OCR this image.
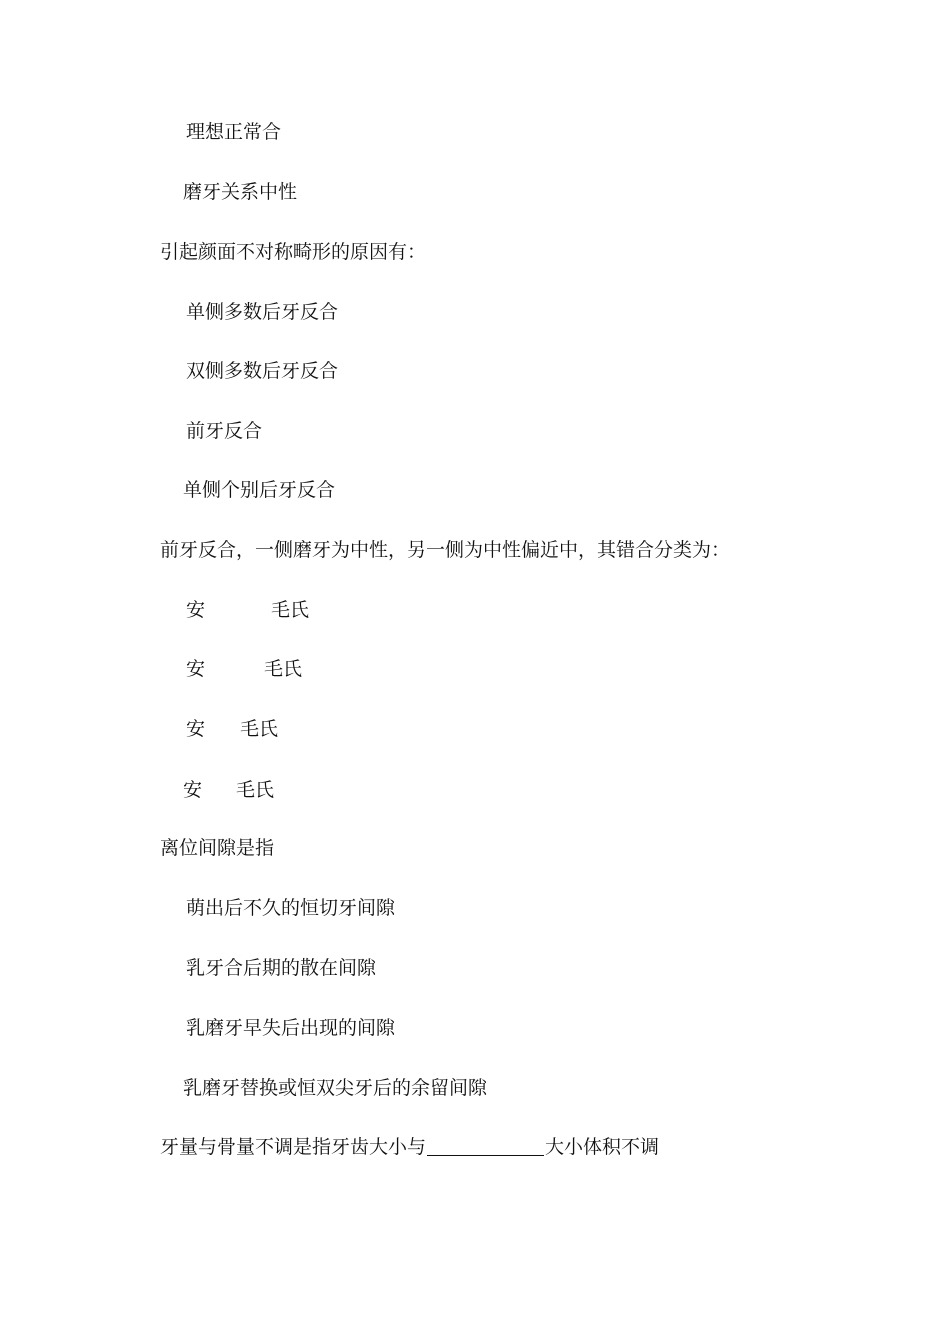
理想正常合
磨牙关系中性
引起颜面不对称畸形的原因有：
单侧多数后牙反合
双侧多数后牙反合
前牙反合
单侧个别后牙反合
前牙反合，一侧磨牙为中性，另一侧为中性偏近中，其错合分类为：
安	毛氏
安	毛氏
安 毛氏
安 毛氏
离位间隙是指
萌出后不久的恒切牙间隙
乳牙合后期的散在间隙
乳磨牙早失后出现的间隙
乳磨牙替换或恒双尖牙后的余留间隙
牙量与骨量不调是指牙齿大小与	大小体积不调
